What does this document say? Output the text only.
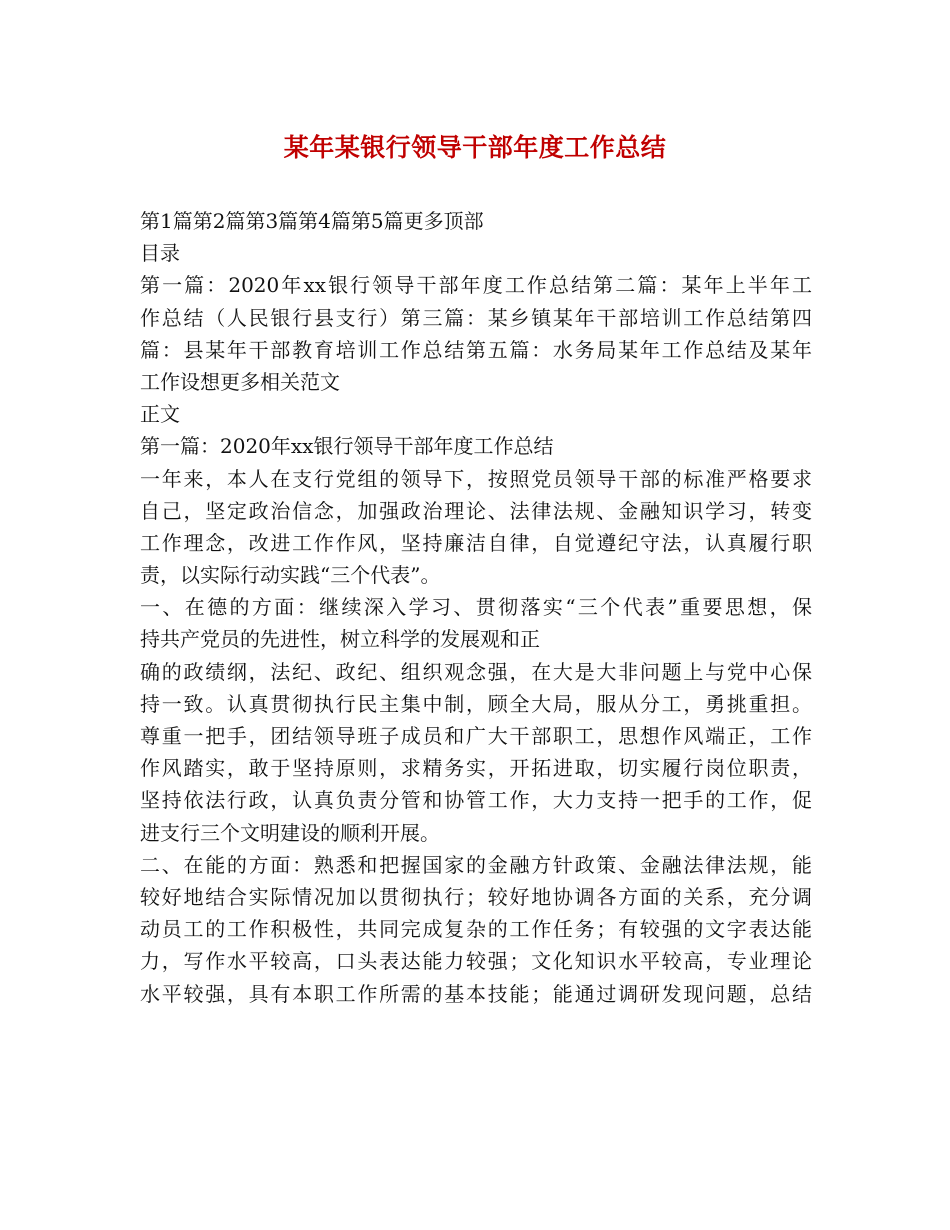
某年某银行领导干部年度工作总结
第1篇第2篇第3篇第4篇第5篇更多顶部
目录
第一篇：2020年xx银行领导干部年度工作总结第二篇：某年上半年工
作总结（人民银行县支行）第三篇：某乡镇某年干部培训工作总结第四
篇：县某年干部教育培训工作总结第五篇：水务局某年工作总结及某年
工作设想更多相关范文
正文
第一篇：2020年xx银行领导干部年度工作总结
一年来，本人在支行党组的领导下，按照党员领导干部的标准严格要求
自己，坚定政治信念，加强政治理论、法律法规、金融知识学习，转变
工作理念，改进工作作风，坚持廉洁自律，自觉遵纪守法，认真履行职
责，以实际行动实践“三个代表”。
一、在德的方面：继续深入学习、贯彻落实“三个代表”重要思想，保
持共产党员的先进性，树立科学的发展观和正
确的政绩纲，法纪、政纪、组织观念强，在大是大非问题上与党中心保
持一致。认真贯彻执行民主集中制，顾全大局，服从分工，勇挑重担。
尊重一把手，团结领导班子成员和广大干部职工，思想作风端正，工作
作风踏实，敢于坚持原则，求精务实，开拓进取，切实履行岗位职责，
坚持依法行政，认真负责分管和协管工作，大力支持一把手的工作，促
进支行三个文明建设的顺利开展。
二、在能的方面：熟悉和把握国家的金融方针政策、金融法律法规，能
较好地结合实际情况加以贯彻执行；较好地协调各方面的关系，充分调
动员工的工作积极性，共同完成复杂的工作任务；有较强的文字表达能
力，写作水平较高，口头表达能力较强；文化知识水平较高，专业理论
水平较强，具有本职工作所需的基本技能；能通过调研发现问题，总结
